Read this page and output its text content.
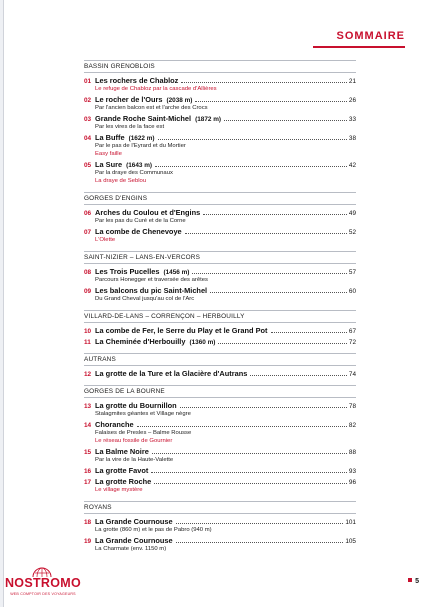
SOMMAIRE
BASSIN GRENOBLOIS
01 Les rochers de Chabloz	21
Le refuge de Chabloz par la cascade d'Allières
02 Le rocher de l'Ours (2038 m)	26
Par l'ancien balcon est et l'arche des Crocs
03 Grande Roche Saint-Michel (1872 m)	33
Par les vires de la face est
04 La Buffe (1622 m)	38
Par le pas de l'Eyrard et du Mortier
Easy faille
05 La Sure (1643 m)	42
Par la draye des Communaux
La draye de Seblou
GORGES D'ENGINS
06 Arches du Coulou et d'Engins	49
Par les pas du Curé et de la Corne
07 La combe de Chenevoye	52
L'Olette
SAINT-NIZIER – LANS-EN-VERCORS
08 Les Trois Pucelles (1456 m)	57
Parcours Honegger et traversée des arêtes
09 Les balcons du pic Saint-Michel	60
Du Grand Cheval jusqu'au col de l'Arc
VILLARD-DE-LANS – CORRENÇON – HERBOUILLY
10 La combe de Fer, le Serre du Play et le Grand Pot	67
11 La Cheminée d'Herbouilly (1360 m)	72
AUTRANS
12 La grotte de la Ture et la Glacière d'Autrans	74
GORGES DE LA BOURNE
13 La grotte du Bournillon	78
Stalagmites géantes et Village nègre
14 Choranche	82
Falaises de Presles – Balme Rousse
Le réseau fossile de Gournier
15 La Balme Noire	88
Par la vire de la Haute-Valette
16 La grotte Favot	93
17 La grotte Roche	96
Le village mystère
ROYANS
18 La Grande Cournouse	101
La grotte (860 m) et le pas de Pabro (940 m)
19 La Grande Cournouse	105
La Charmate (env. 1150 m)
5
NOSTROMO
WEB COMPTOIR DES VOYAGEURS
